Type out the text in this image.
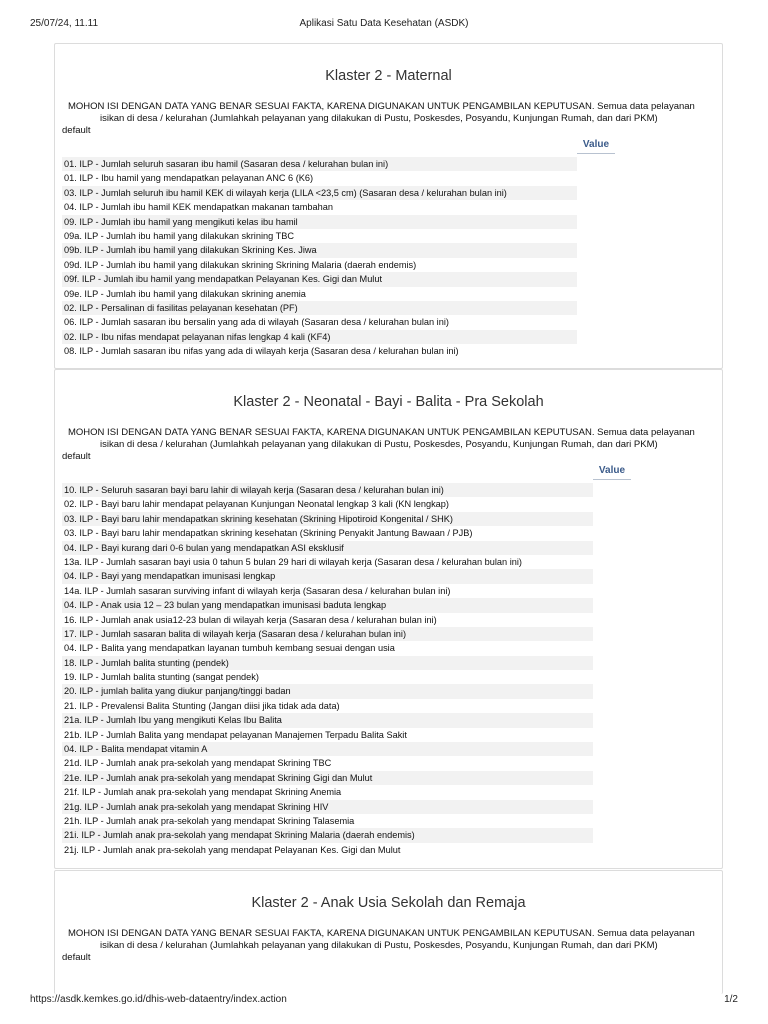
25/07/24, 11.11	Aplikasi Satu Data Kesehatan (ASDK)
Klaster 2 - Maternal
MOHON ISI DENGAN DATA YANG BENAR SESUAI FAKTA, KARENA DIGUNAKAN UNTUK PENGAMBILAN KEPUTUSAN. Semua data pelayanan
isikan di desa / kelurahan (Jumlahkah pelayanan yang dilakukan di Pustu, Poskesdes, Posyandu, Kunjungan Rumah, dan dari PKM)
default
Value
01. ILP - Jumlah seluruh sasaran ibu hamil (Sasaran desa / kelurahan bulan ini)
01. ILP - Ibu hamil yang mendapatkan pelayanan ANC 6 (K6)
03. ILP - Jumlah seluruh ibu hamil KEK di wilayah kerja (LILA <23,5 cm) (Sasaran desa / kelurahan bulan ini)
04. ILP - Jumlah ibu hamil KEK mendapatkan makanan tambahan
09. ILP - Jumlah ibu hamil yang mengikuti kelas ibu hamil
09a. ILP - Jumlah ibu hamil yang dilakukan skrining TBC
09b. ILP - Jumlah ibu hamil yang dilakukan Skrining Kes. Jiwa
09d. ILP - Jumlah ibu hamil yang dilakukan skrining Skrining Malaria (daerah endemis)
09f. ILP - Jumlah ibu hamil yang mendapatkan Pelayanan Kes. Gigi dan Mulut
09e. ILP - Jumlah ibu hamil yang dilakukan skrining anemia
02. ILP - Persalinan di fasilitas pelayanan kesehatan (PF)
06. ILP - Jumlah sasaran ibu bersalin yang ada di wilayah (Sasaran desa / kelurahan bulan ini)
02. ILP - Ibu nifas mendapat pelayanan nifas lengkap 4 kali (KF4)
08. ILP - Jumlah sasaran ibu nifas yang ada di wilayah kerja (Sasaran desa / kelurahan bulan ini)
Klaster 2 - Neonatal - Bayi - Balita - Pra Sekolah
MOHON ISI DENGAN DATA YANG BENAR SESUAI FAKTA, KARENA DIGUNAKAN UNTUK PENGAMBILAN KEPUTUSAN. Semua data pelayanan
isikan di desa / kelurahan (Jumlahkah pelayanan yang dilakukan di Pustu, Poskesdes, Posyandu, Kunjungan Rumah, dan dari PKM)
default
Value
10. ILP - Seluruh sasaran bayi baru lahir di wilayah kerja (Sasaran desa / kelurahan bulan ini)
02. ILP - Bayi baru lahir mendapat pelayanan Kunjungan Neonatal lengkap 3 kali (KN lengkap)
03. ILP - Bayi baru lahir mendapatkan skrining kesehatan (Skrining Hipotiroid Kongenital / SHK)
03. ILP - Bayi baru lahir mendapatkan skrining kesehatan (Skrining Penyakit Jantung Bawaan / PJB)
04. ILP - Bayi kurang dari 0-6 bulan yang mendapatkan ASI eksklusif
13a. ILP - Jumlah sasaran bayi usia 0 tahun 5 bulan 29 hari di wilayah kerja (Sasaran desa / kelurahan bulan ini)
04. ILP - Bayi yang mendapatkan imunisasi lengkap
14a. ILP - Jumlah sasaran surviving infant di wilayah kerja (Sasaran desa / kelurahan bulan ini)
04. ILP - Anak usia 12 – 23 bulan yang mendapatkan imunisasi baduta lengkap
16. ILP - Jumlah anak usia12-23 bulan di wilayah kerja (Sasaran desa / kelurahan bulan ini)
17. ILP - Jumlah sasaran balita di wilayah kerja (Sasaran desa / kelurahan bulan ini)
04. ILP - Balita yang mendapatkan layanan tumbuh kembang sesuai dengan usia
18. ILP - Jumlah balita stunting (pendek)
19. ILP - Jumlah balita stunting (sangat pendek)
20. ILP - jumlah balita yang diukur panjang/tinggi badan
21. ILP - Prevalensi Balita Stunting (Jangan diisi jika tidak ada data)
21a. ILP - Jumlah Ibu yang mengikuti Kelas Ibu Balita
21b. ILP - Jumlah Balita yang mendapat pelayanan Manajemen Terpadu Balita Sakit
04. ILP - Balita mendapat vitamin A
21d. ILP - Jumlah anak pra-sekolah yang mendapat Skrining TBC
21e. ILP - Jumlah anak pra-sekolah yang mendapat Skrining Gigi dan Mulut
21f. ILP - Jumlah anak pra-sekolah yang mendapat Skrining Anemia
21g. ILP - Jumlah anak pra-sekolah yang mendapat Skrining HIV
21h. ILP - Jumlah anak pra-sekolah yang mendapat Skrining Talasemia
21i. ILP - Jumlah anak pra-sekolah yang mendapat Skrining Malaria (daerah endemis)
21j. ILP - Jumlah anak pra-sekolah yang mendapat Pelayanan Kes. Gigi dan Mulut
Klaster 2 - Anak Usia Sekolah dan Remaja
MOHON ISI DENGAN DATA YANG BENAR SESUAI FAKTA, KARENA DIGUNAKAN UNTUK PENGAMBILAN KEPUTUSAN. Semua data pelayanan
isikan di desa / kelurahan (Jumlahkah pelayanan yang dilakukan di Pustu, Poskesdes, Posyandu, Kunjungan Rumah, dan dari PKM)
default
https://asdk.kemkes.go.id/dhis-web-dataentry/index.action	1/2
